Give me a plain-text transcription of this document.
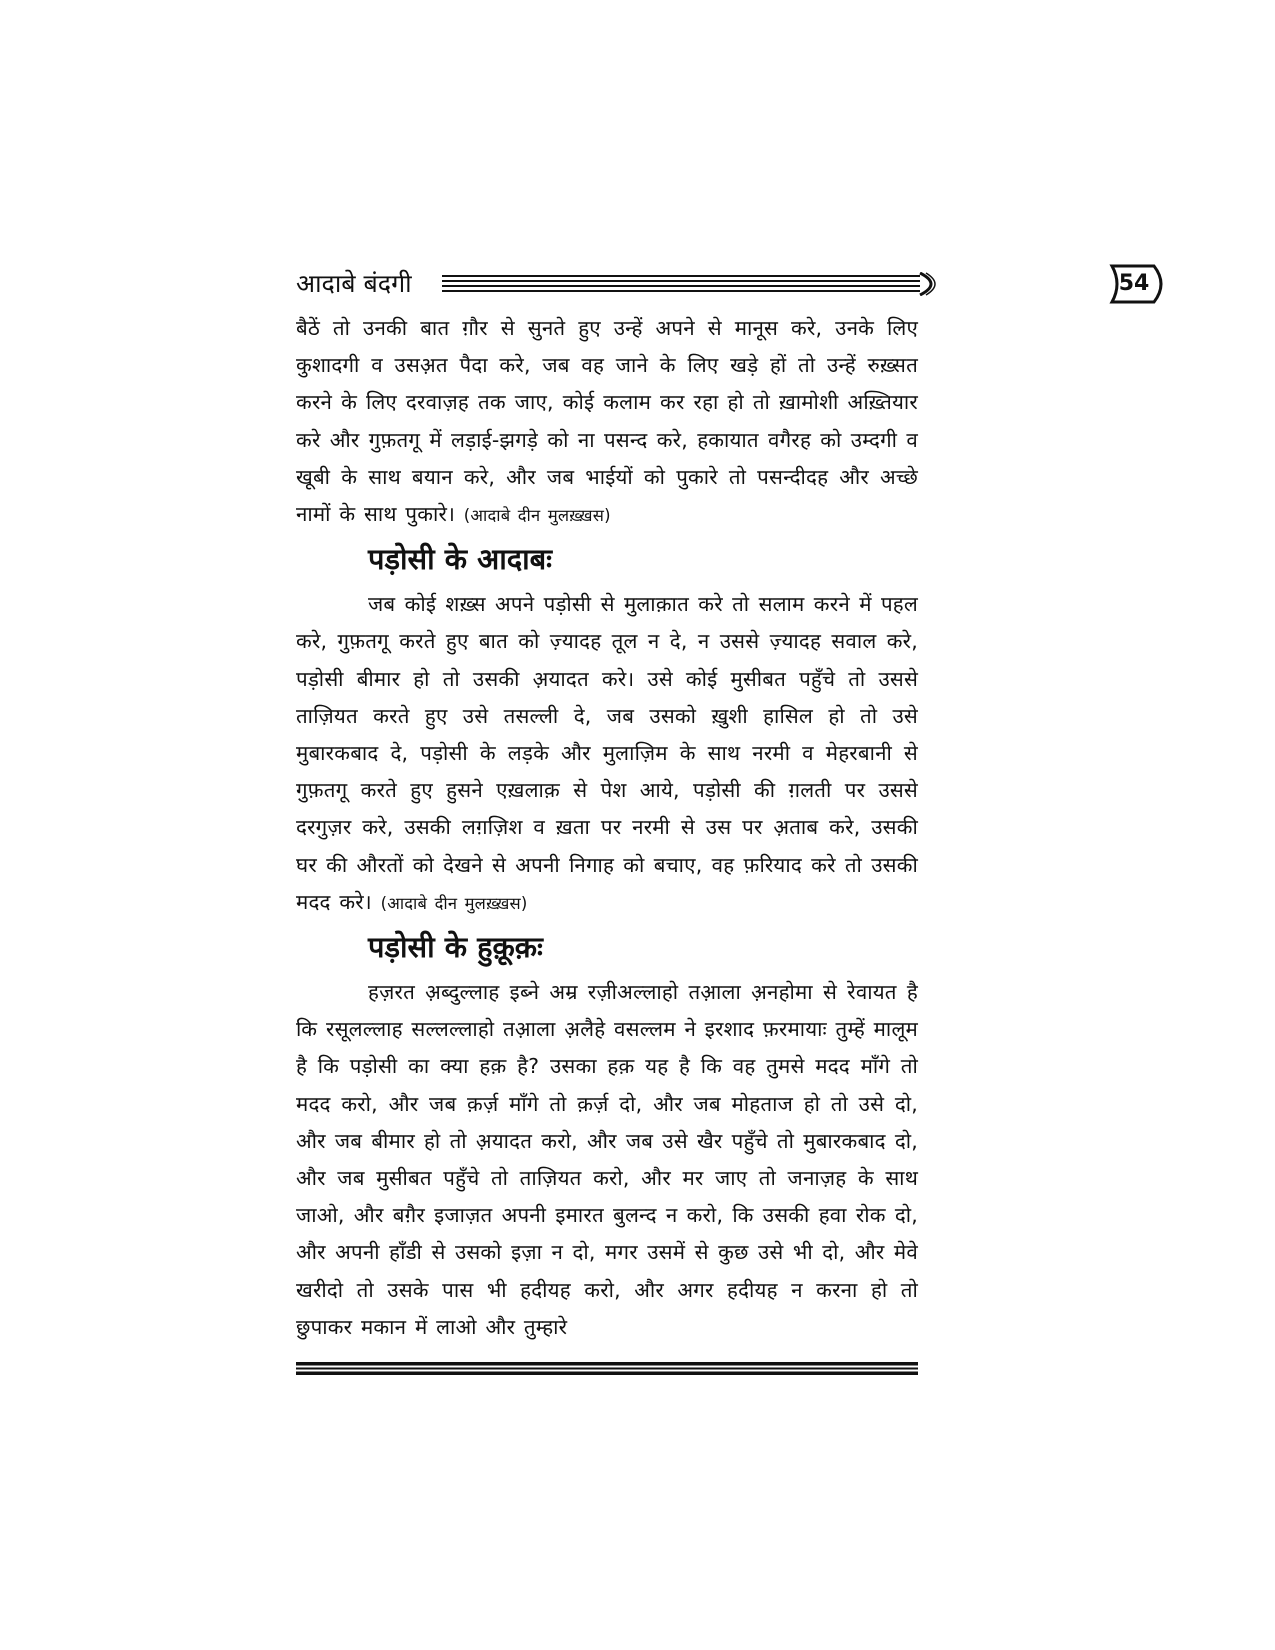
आदाबे बंदगी	54

बैठें तो उनकी बात ग़ौर से सुनते हुए उन्हें अपने से मानूस करे, उनके लिए कुशादगी व उसअ़त पैदा करे, जब वह जाने के लिए खड़े हों तो उन्हें रुख़्सत करने के लिए दरवाज़ह तक जाए, कोई कलाम कर रहा हो तो ख़ामोशी अख़्तियार करे और गुफ़तगू में लड़ाई-झगड़े को ना पसन्द करे, हकायात वगैरह को उम्दगी व खूबी के साथ बयान करे, और जब भाईयों को पुकारे तो पसन्दीदह और अच्छे नामों के साथ पुकारे। (आदाबे दीन मुलख़्ख़स)

पड़ोसी के आदाबः

जब कोई शख़्स अपने पड़ोसी से मुलाक़ात करे तो सलाम करने में पहल करे, गुफ़तगू करते हुए बात को ज़्यादह तूल न दे, न उससे ज़्यादह सवाल करे, पड़ोसी बीमार हो तो उसकी अ़यादत करे। उसे कोई मुसीबत पहुँचे तो उससे ताज़ियत करते हुए उसे तसल्ली दे, जब उसको ख़ुशी हासिल हो तो उसे मुबारकबाद दे, पड़ोसी के लड़के और मुलाज़िम के साथ नरमी व मेहरबानी से गुफ़तगू करते हुए हुसने एख़लाक़ से पेश आये, पड़ोसी की ग़लती पर उससे दरगुज़र करे, उसकी लग़ज़िश व ख़ता पर नरमी से उस पर अ़ताब करे, उसकी घर की औरतों को देखने से अपनी निगाह को बचाए, वह फ़रियाद करे तो उसकी मदद करे। (आदाबे दीन मुलख़्ख़स)

पड़ोसी के हुक़ूक़ः

हज़रत अ़ब्दुल्लाह इब्ने अम्र रज़ीअल्लाहो तअ़ाला अ़नहोमा से रेवायत है कि रसूलल्लाह सल्लल्लाहो तअ़ाला अ़लैहे वसल्लम ने इरशाद फ़रमायाः तुम्हें मालूम है कि पड़ोसी का क्या हक़ है? उसका हक़ यह है कि वह तुमसे मदद माँगे तो मदद करो, और जब क़र्ज़ माँगे तो क़र्ज़ दो, और जब मोहताज हो तो उसे दो, और जब बीमार हो तो अ़यादत करो, और जब उसे खैर पहुँचे तो मुबारकबाद दो, और जब मुसीबत पहुँचे तो ताज़ियत करो, और मर जाए तो जनाज़ह के साथ जाओ, और बग़ैर इजाज़त अपनी इमारत बुलन्द न करो, कि उसकी हवा रोक दो, और अपनी हाँडी से उसको इज़ा न दो, मगर उसमें से कुछ उसे भी दो, और मेवे खरीदो तो उसके पास भी हदीयह करो, और अगर हदीयह न करना हो तो छुपाकर मकान में लाओ और तुम्हारे
